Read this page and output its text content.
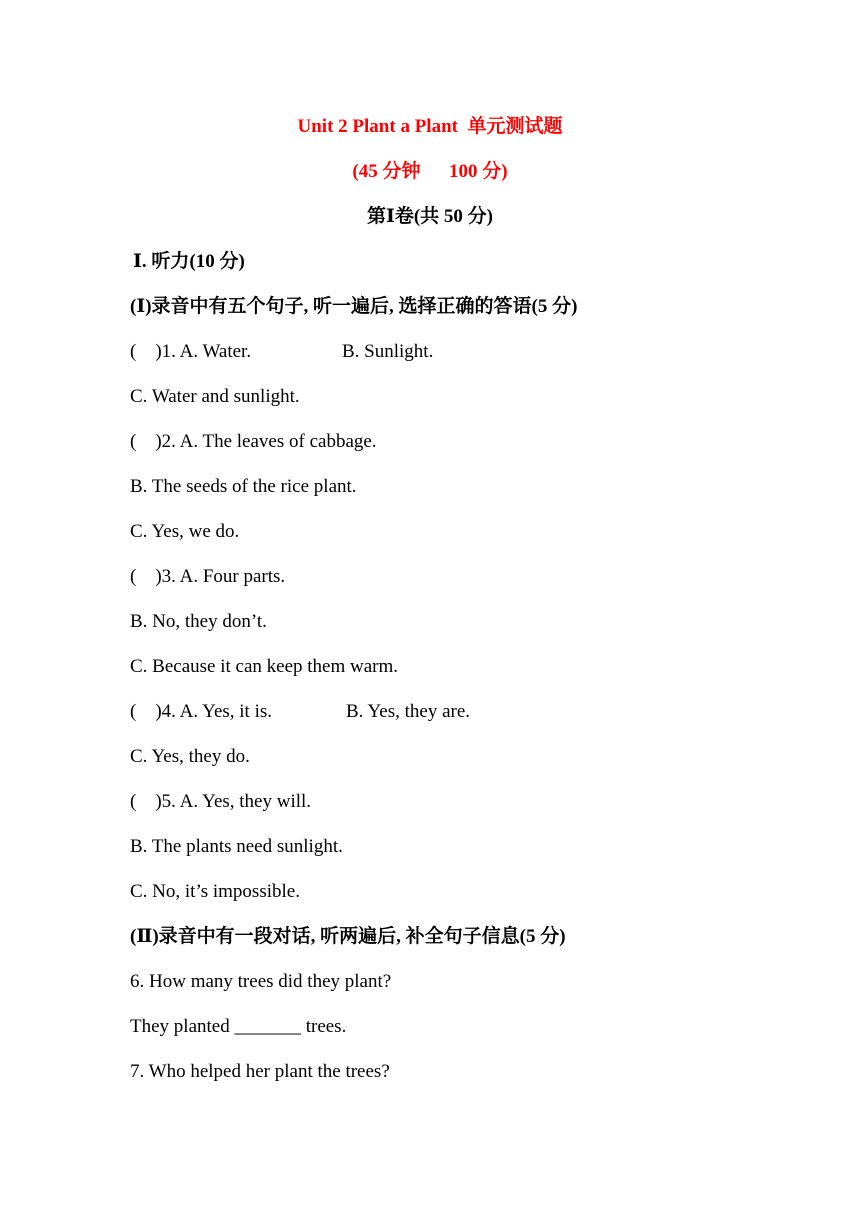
Unit 2 Plant a Plant  单元测试题
(45 分钟      100 分)
第Ⅰ卷(共 50 分)
Ⅰ. 听力(10 分)
(Ⅰ)录音中有五个句子, 听一遍后, 选择正确的答语(5 分)
(    )1. A. Water.	B. Sunlight.
C. Water and sunlight.
(    )2. A. The leaves of cabbage.
B. The seeds of the rice plant.
C. Yes, we do.
(    )3. A. Four parts.
B. No, they don’t.
C. Because it can keep them warm.
(    )4. A. Yes, it is.	B. Yes, they are.
C. Yes, they do.
(    )5. A. Yes, they will.
B. The plants need sunlight.
C. No, it’s impossible.
(Ⅱ)录音中有一段对话, 听两遍后, 补全句子信息(5 分)
6. How many trees did they plant?
They planted _______ trees.
7. Who helped her plant the trees?
